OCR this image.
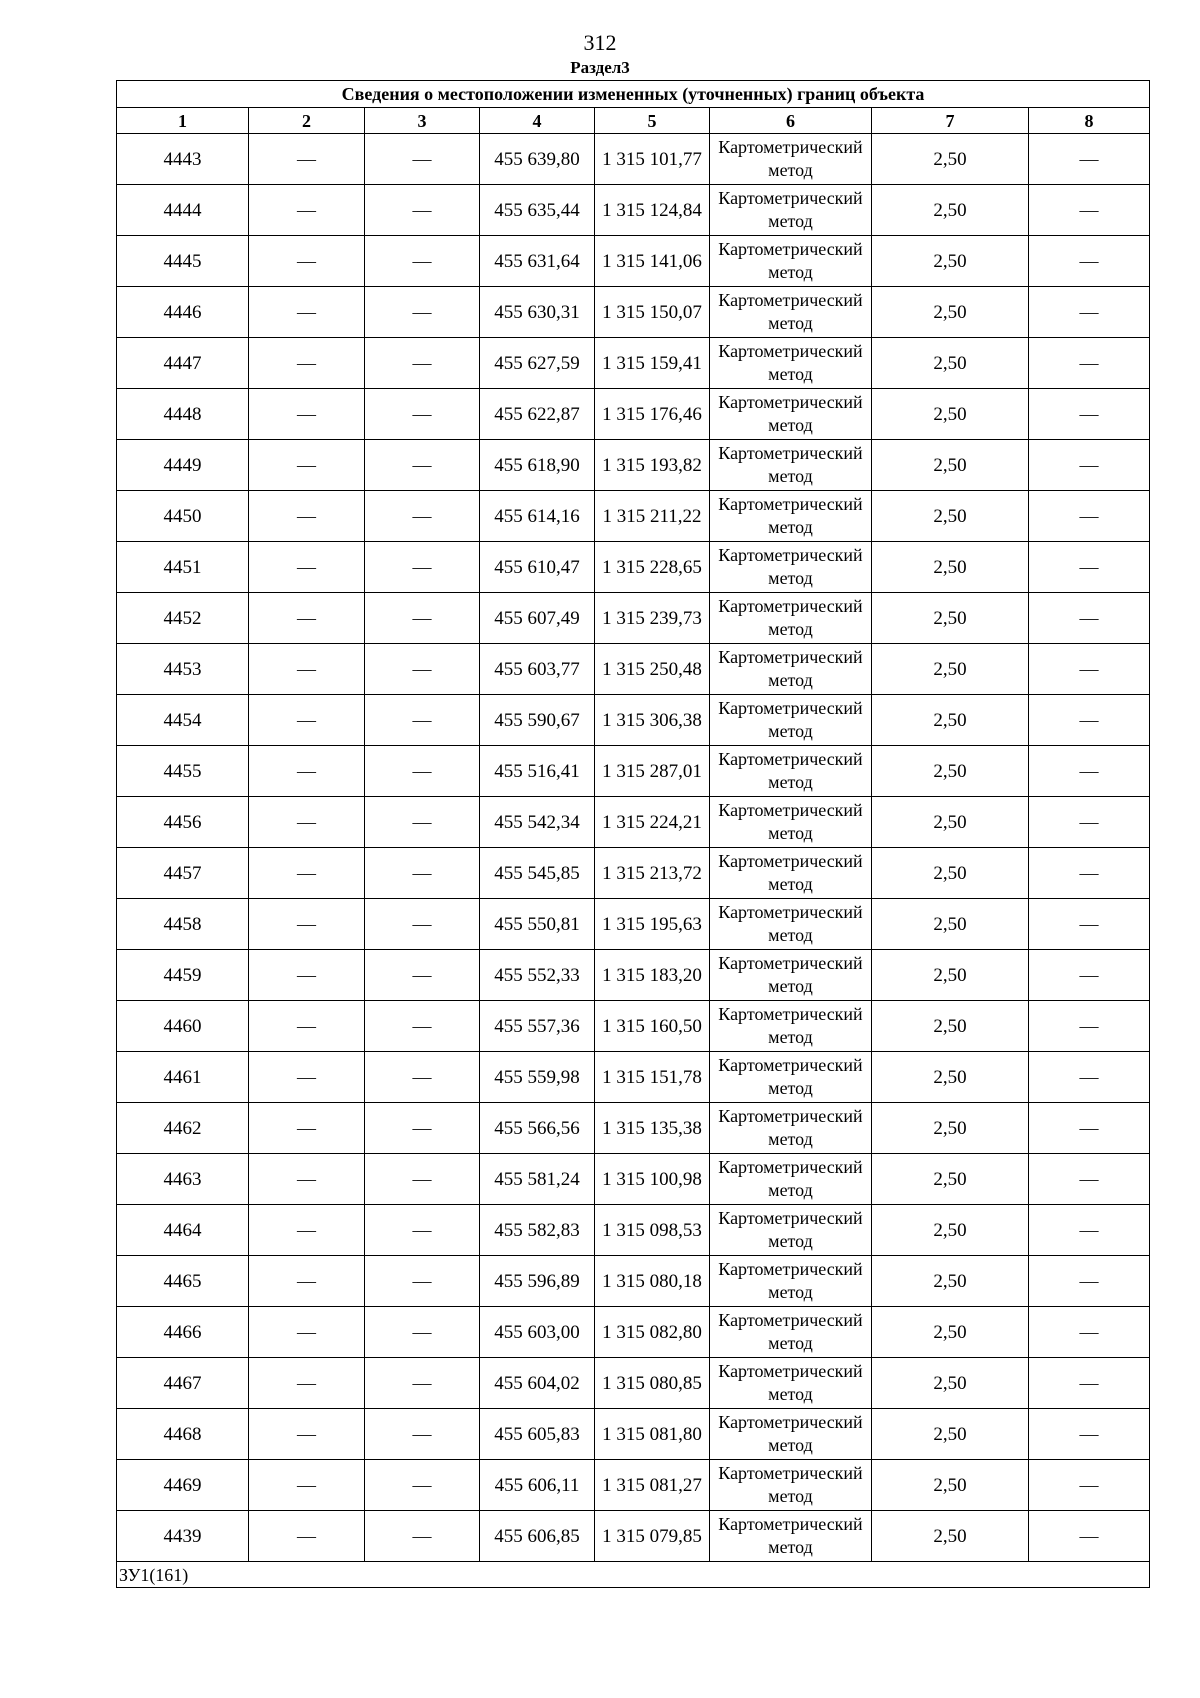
312
Раздел3
Сведения о местоположении измененных (уточненных) границ объекта							
1	2	3	4	5	6	7	8
4443	—	—	455 639,80	1 315 101,77	Картометрический метод	2,50	—
4444	—	—	455 635,44	1 315 124,84	Картометрический метод	2,50	—
4445	—	—	455 631,64	1 315 141,06	Картометрический метод	2,50	—
4446	—	—	455 630,31	1 315 150,07	Картометрический метод	2,50	—
4447	—	—	455 627,59	1 315 159,41	Картометрический метод	2,50	—
4448	—	—	455 622,87	1 315 176,46	Картометрический метод	2,50	—
4449	—	—	455 618,90	1 315 193,82	Картометрический метод	2,50	—
4450	—	—	455 614,16	1 315 211,22	Картометрический метод	2,50	—
4451	—	—	455 610,47	1 315 228,65	Картометрический метод	2,50	—
4452	—	—	455 607,49	1 315 239,73	Картометрический метод	2,50	—
4453	—	—	455 603,77	1 315 250,48	Картометрический метод	2,50	—
4454	—	—	455 590,67	1 315 306,38	Картометрический метод	2,50	—
4455	—	—	455 516,41	1 315 287,01	Картометрический метод	2,50	—
4456	—	—	455 542,34	1 315 224,21	Картометрический метод	2,50	—
4457	—	—	455 545,85	1 315 213,72	Картометрический метод	2,50	—
4458	—	—	455 550,81	1 315 195,63	Картометрический метод	2,50	—
4459	—	—	455 552,33	1 315 183,20	Картометрический метод	2,50	—
4460	—	—	455 557,36	1 315 160,50	Картометрический метод	2,50	—
4461	—	—	455 559,98	1 315 151,78	Картометрический метод	2,50	—
4462	—	—	455 566,56	1 315 135,38	Картометрический метод	2,50	—
4463	—	—	455 581,24	1 315 100,98	Картометрический метод	2,50	—
4464	—	—	455 582,83	1 315 098,53	Картометрический метод	2,50	—
4465	—	—	455 596,89	1 315 080,18	Картометрический метод	2,50	—
4466	—	—	455 603,00	1 315 082,80	Картометрический метод	2,50	—
4467	—	—	455 604,02	1 315 080,85	Картометрический метод	2,50	—
4468	—	—	455 605,83	1 315 081,80	Картометрический метод	2,50	—
4469	—	—	455 606,11	1 315 081,27	Картометрический метод	2,50	—
4439	—	—	455 606,85	1 315 079,85	Картометрический метод	2,50	—
ЗУ1(161)							
